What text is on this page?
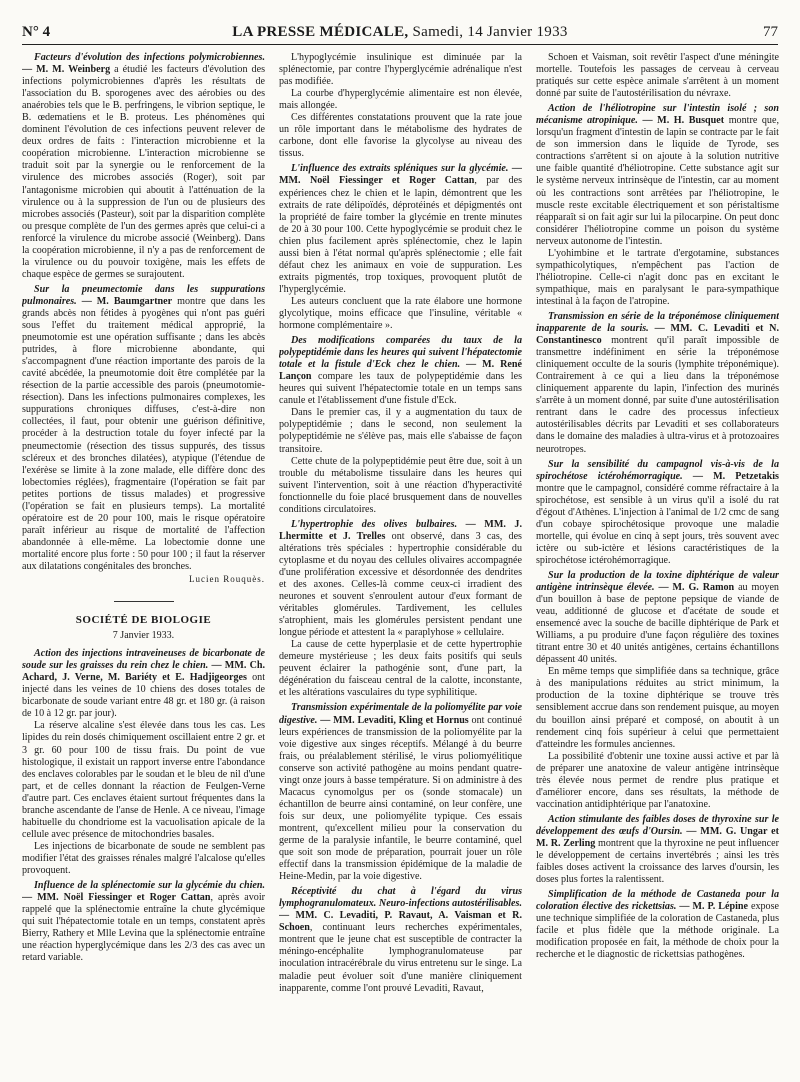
N° 4	LA PRESSE MÉDICALE, Samedi, 14 Janvier 1933	77

Facteurs d'évolution des infections polymicrobiennes. — M. M. Weinberg a étudié les facteurs d'évolution des infections polymicrobiennes d'après les résultats de l'association du B. sporogenes avec des aérobies ou des anaérobies tels que le B. perfringens, le vibrion septique, le B. œdematiens et le B. proteus. Les phénomènes qui dominent l'évolution de ces infections peuvent relever de deux ordres de faits : l'interaction microbienne et la coopération microbienne. L'interaction microbienne se traduit soit par la synergie ou le renforcement de la virulence des microbes associés (Roger), soit par l'antagonisme microbien qui aboutit à l'atténuation de la virulence ou à la suppression de l'un ou de plusieurs des microbes associés (Pasteur), soit par la disparition complète ou presque complète de l'un des germes après que celui-ci a renforcé la virulence du microbe associé (Weinberg). Dans la coopération microbienne, il n'y a pas de renforcement de la virulence ou du pouvoir toxigène, mais les effets de chaque espèce de germes se surajoutent.

Sur la pneumectomie dans les suppurations pulmonaires. — M. Baumgartner montre que dans les grands abcès non fétides à pyogènes qui n'ont pas guéri sous l'effet du traitement médical approprié, la pneumotomie est une opération suffisante ; dans les abcès putrides, à flore microbienne abondante, qui s'accompagnent d'une réaction importante des parois de la cavité abcédée, la pneumotomie doit être complétée par la résection de la partie accessible des parois (pneumotomie-résection). Dans les infections pulmonaires complexes, les suppurations chroniques diffuses, c'est-à-dire non collectées, il faut, pour obtenir une guérison définitive, procéder à la destruction totale du foyer infecté par la pneumectomie (résection des tissus suppurés, des tissus scléreux et des bronches dilatées), atypique (l'étendue de l'exérèse se limite à la zone malade, elle diffère donc des lobectomies réglées), fragmentaire (l'opération se fait par petites portions de tissus malades) et progressive (l'opération se fait en plusieurs temps). La mortalité opératoire est de 20 pour 100, mais le risque opératoire paraît inférieur au risque de mortalité de l'affection abandonnée à elle-même. La lobectomie donne une mortalité encore plus forte : 50 pour 100 ; il faut la réserver aux dilatations congénitales des bronches.

Lucien Rouquès.

SOCIÉTÉ DE BIOLOGIE
7 Janvier 1933.

Action des injections intraveineuses de bicarbonate de soude sur les graisses du rein chez le chien. — MM. Ch. Achard, J. Verne, M. Bariéty et E. Hadjigeorges ont injecté dans les veines de 10 chiens des doses totales de bicarbonate de soude variant entre 48 gr. et 180 gr. (à raison de 10 à 12 gr. par jour).

La réserve alcaline s'est élevée dans tous les cas. Les lipides du rein dosés chimiquement oscillaient entre 2 gr. et 3 gr. 60 pour 100 de tissu frais. Du point de vue histologique, il existait un rapport inverse entre l'abondance des enclaves colorables par le soudan et le bleu de nil d'une part, et de celles donnant la réaction de Feulgen-Verne d'autre part. Ces enclaves étaient surtout fréquentes dans la branche ascendante de l'anse de Henle. A ce niveau, l'image habituelle du chondriome est la vacuolisation apicale de la cellule avec présence de mitochondries basales.

Les injections de bicarbonate de soude ne semblent pas modifier l'état des graisses rénales malgré l'alcalose qu'elles provoquent.

Influence de la splénectomie sur la glycémie du chien. — MM. Noël Fiessinger et Roger Cattan, après avoir rappelé que la splénectomie entraîne la chute glycémique qui suit l'hépatectomie totale en un temps, constatent après Bierry, Rathery et Mlle Levina que la splénectomie entraîne une réaction hyperglycémique dans les 2/3 des cas avec un retard variable.

L'hypoglycémie insulinique est diminuée par la splénectomie, par contre l'hyperglycémie adrénalique n'est pas modifiée.

La courbe d'hyperglycémie alimentaire est non élevée, mais allongée.

Ces différentes constatations prouvent que la rate joue un rôle important dans le métabolisme des hydrates de carbone, dont elle favorise la glycolyse au niveau des tissus.

L'influence des extraits spléniques sur la glycémie. — MM. Noël Fiessinger et Roger Cattan, par des expériences chez le chien et le lapin, démontrent que les extraits de rate délipoïdés, déprotéinés et dépigmentés ont la propriété de faire tomber la glycémie en trente minutes de 20 à 30 pour 100. Cette hypoglycémie se produit chez le chien plus facilement après splénectomie, chez le lapin aussi bien à l'état normal qu'après splénectomie ; elle fait défaut chez les animaux en voie de suppuration. Les extraits pigmentés, trop toxiques, provoquent plutôt de l'hyperglycémie.

Les auteurs concluent que la rate élabore une hormone glycolytique, moins efficace que l'insuline, véritable « hormone complémentaire ».

Des modifications comparées du taux de la polypeptidémie dans les heures qui suivent l'hépatectomie totale et la fistule d'Eck chez le chien. — M. René Lançon compare les taux de polypeptidémie dans les heures qui suivent l'hépatectomie totale en un temps sans canule et l'établissement d'une fistule d'Eck.

Dans le premier cas, il y a augmentation du taux de polypeptidémie ; dans le second, non seulement la polypeptidémie ne s'élève pas, mais elle s'abaisse de façon transitoire.

Cette chute de la polypeptidémie peut être due, soit à un trouble du métabolisme tissulaire dans les heures qui suivent l'intervention, soit à une réaction d'hyperactivité fonctionnelle du foie placé brusquement dans de nouvelles conditions circulatoires.

L'hypertrophie des olives bulbaires. — MM. J. Lhermitte et J. Trelles ont observé, dans 3 cas, des altérations très spéciales : hypertrophie considérable du cytoplasme et du noyau des cellules olivaires accompagnée d'une prolifération excessive et désordonnée des dendrites et des axones. Celles-là comme ceux-ci irradient des neurones et souvent s'enroulent autour d'eux formant de véritables glomérules. Tardivement, les cellules s'atrophient, mais les glomérules persistent pendant une longue période et attestent la « paraplyhose » cellulaire.

La cause de cette hyperplasie et de cette hypertrophie demeure mystérieuse ; les deux faits positifs qui seuls peuvent éclairer la pathogénie sont, d'une part, la dégénération du faisceau central de la calotte, inconstante, et les altérations vasculaires du type syphilitique.

Transmission expérimentale de la poliomyélite par voie digestive. — MM. Levaditi, Kling et Hornus ont continué leurs expériences de transmission de la poliomyélite par la voie digestive aux singes réceptifs. Mélangé à du beurre frais, ou préalablement stérilisé, le virus poliomyélitique conserve son activité pathogène au moins pendant quatre-vingt onze jours à basse température. Si on administre à des Macacus cynomolgus per os (sonde stomacale) un échantillon de beurre ainsi contaminé, on leur confère, une fois sur deux, une poliomyélite typique. Ces essais montrent, qu'excellent milieu pour la conservation du germe de la paralysie infantile, le beurre contaminé, quel que soit son mode de préparation, pourrait jouer un rôle effectif dans la transmission épidémique de la maladie de Heine-Medin, par la voie digestive.

Réceptivité du chat à l'égard du virus lymphogranulomateux. Neuro-infections autostérilisables. — MM. C. Levaditi, P. Ravaut, A. Vaisman et R. Schoen, continuant leurs recherches expérimentales, montrent que le jeune chat est susceptible de contracter la méningo-encéphalite lymphogranulomateuse par inoculation intracérébrale du virus entretenu sur le singe. La maladie peut évoluer soit d'une manière cliniquement inapparente, comme l'ont prouvé Levaditi, Ravaut,

Schoen et Vaisman, soit revêtir l'aspect d'une méningite mortelle. Toutefois les passages de cerveau à cerveau pratiqués sur cette espèce animale s'arrêtent à un moment donné par suite de l'autostérilisation du névraxe.

Action de l'héliotropine sur l'intestin isolé ; son mécanisme atropinique. — M. H. Busquet montre que, lorsqu'un fragment d'intestin de lapin se contracte par le fait de son immersion dans le liquide de Tyrode, ses contractions s'arrêtent si on ajoute à la solution nutritive une faible quantité d'héliotropine. Cette substance agit sur le système nerveux intrinsèque de l'intestin, car au moment où les contractions sont arrêtées par l'héliotropine, le muscle reste excitable électriquement et son péristaltisme réapparaît si on fait agir sur lui la pilocarpine. On peut donc considérer l'héliotropine comme un poison du système nerveux autonome de l'intestin.

L'yohimbine et le tartrate d'ergotamine, substances sympathicolytiques, n'empêchent pas l'action de l'héliotropine. Celle-ci n'agit donc pas en excitant le sympathique, mais en paralysant le para-sympathique intestinal à la façon de l'atropine.

Transmission en série de la tréponémose cliniquement inapparente de la souris. — MM. C. Levaditi et N. Constantinesco montrent qu'il paraît impossible de transmettre indéfiniment en série la tréponémose cliniquement occulte de la souris (lymphite tréponémique). Contrairement à ce qui a lieu dans la tréponémose cliniquement apparente du lapin, l'infection des murinés s'arrête à un moment donné, par suite d'une autostérilisation rentrant dans le cadre des processus infectieux autostérilisables décrits par Levaditi et ses collaborateurs dans le domaine des maladies à ultra-virus et à protozoaires neurotropes.

Sur la sensibilité du campagnol vis-à-vis de la spirochétose ictérohémorragique. — M. Petzetakis montre que le campagnol, considéré comme réfractaire à la spirochétose, est sensible à un virus qu'il a isolé du rat d'égout d'Athènes. L'injection à l'animal de 1/2 cmc de sang d'un cobaye spirochétosique provoque une maladie mortelle, qui évolue en cinq à sept jours, très souvent avec ictère ou sub-ictère et lésions caractéristiques de la spirochétose ictérohémorragique.

Sur la production de la toxine diphtérique de valeur antigène intrinsèque élevée. — M. G. Ramon au moyen d'un bouillon à base de peptone pepsique de viande de veau, additionné de glucose et d'acétate de soude et ensemencé avec la souche de bacille diphtérique de Park et Williams, a pu produire d'une façon régulière des toxines titrant entre 30 et 40 unités antigènes, certains échantillons dépassent 40 unités.

En même temps que simplifiée dans sa technique, grâce à des manipulations réduites au strict minimum, la production de la toxine diphtérique se trouve très sensiblement accrue dans son rendement puisque, au moyen du bouillon ainsi préparé et composé, on aboutit à un rendement cinq fois supérieur à celui que permettaient d'atteindre les formules anciennes.

La possibilité d'obtenir une toxine aussi active et par là de préparer une anatoxine de valeur antigène intrinsèque très élevée nous permet de rendre plus pratique et d'améliorer encore, dans ses résultats, la méthode de vaccination antidiphtérique par l'anatoxine.

Action stimulante des faibles doses de thyroxine sur le développement des œufs d'Oursin. — MM. G. Ungar et M. R. Zerling montrent que la thyroxine ne peut influencer le développement de certains invertébrés ; ainsi les très faibles doses activent la croissance des larves d'oursin, les doses plus fortes la ralentissent.

Simplification de la méthode de Castaneda pour la coloration élective des rickettsias. — M. P. Lépine expose une technique simplifiée de la coloration de Castaneda, plus facile et plus fidèle que la méthode originale. La modification proposée en fait, la méthode de choix pour la recherche et le diagnostic de rickettsias pathogènes.
